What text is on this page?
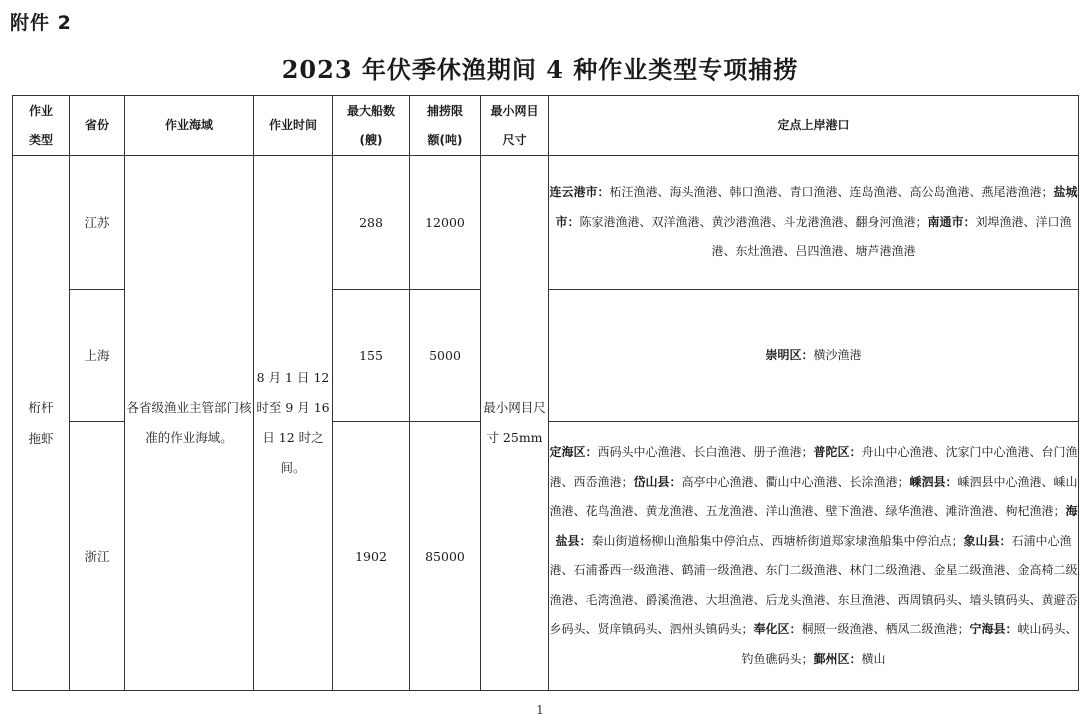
附件 2
2023 年伏季休渔期间 4 种作业类型专项捕捞
作业类型	省份	作业海域	作业时间	最大船数(艘)	捕捞限额(吨)	最小网目尺寸	定点上岸港口
桁杆拖虾	江苏	各省级渔业主管部门核准的作业海域。	8 月 1 日 12 时至 9 月 16 日 12 时之间。	288	12000	最小网目尺寸 25mm	连云港市：柘汪渔港、海头渔港、韩口渔港、青口渔港、连岛渔港、高公岛渔港、燕尾港渔港；盐城市：陈家港渔港、双洋渔港、黄沙港渔港、斗龙港渔港、翻身河渔港；南通市：刘埠渔港、洋口渔港、东灶渔港、吕四渔港、塘芦港渔港
	上海			155	5000		崇明区：横沙渔港
	浙江			1902	85000		定海区：西码头中心渔港、长白渔港、册子渔港；普陀区：舟山中心渔港、沈家门中心渔港、台门渔港、西岙渔港；岱山县：高亭中心渔港、衢山中心渔港、长涂渔港；嵊泗县：嵊泗县中心渔港、嵊山渔港、花鸟渔港、黄龙渔港、五龙渔港、洋山渔港、壁下渔港、绿华渔港、滩浒渔港、枸杞渔港；海盐县：秦山街道杨柳山渔船集中停泊点、西塘桥街道郑家埭渔船集中停泊点；象山县：石浦中心渔港、石浦番西一级渔港、鹤浦一级渔港、东门二级渔港、林门二级渔港、金星二级渔港、金高椅二级渔港、毛湾渔港、爵溪渔港、大坦渔港、后龙头渔港、东旦渔港、西周镇码头、墙头镇码头、黄避岙乡码头、贤庠镇码头、泗州头镇码头；奉化区：桐照一级渔港、栖凤二级渔港；宁海县：峡山码头、钓鱼礁码头；鄞州区：横山
1
